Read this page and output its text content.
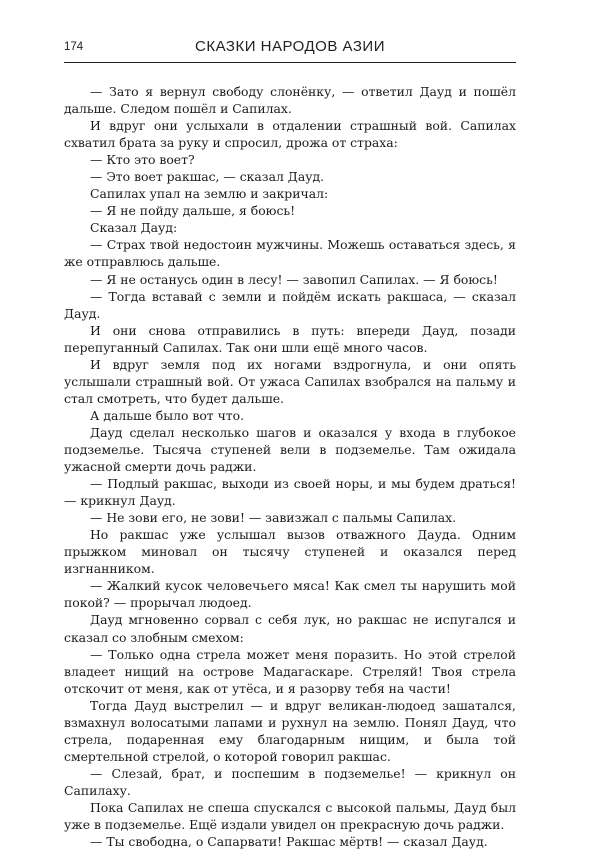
174	СКАЗКИ НАРОДОВ АЗИИ

— Зато я вернул свободу слонёнку, — ответил Дауд и пошёл дальше. Следом пошёл и Сапилах.

И вдруг они услыхали в отдалении страшный вой. Сапилах схватил брата за руку и спросил, дрожа от страха:

— Кто это воет?

— Это воет ракшас, — сказал Дауд.

Сапилах упал на землю и закричал:

— Я не пойду дальше, я боюсь!

Сказал Дауд:

— Страх твой недостоин мужчины. Можешь оставаться здесь, я же отправлюсь дальше.

— Я не останусь один в лесу! — завопил Сапилах. — Я боюсь!

— Тогда вставай с земли и пойдём искать ракшаса, — сказал Дауд.

И они снова отправились в путь: впереди Дауд, позади перепуганный Сапилах. Так они шли ещё много часов.

И вдруг земля под их ногами вздрогнула, и они опять услышали страшный вой. От ужаса Сапилах взобрался на пальму и стал смотреть, что будет дальше.

А дальше было вот что.

Дауд сделал несколько шагов и оказался у входа в глубокое подземелье. Тысяча ступеней вели в подземелье. Там ожидала ужасной смерти дочь раджи.

— Подлый ракшас, выходи из своей норы, и мы будем драться! — крикнул Дауд.

— Не зови его, не зови! — завизжал с пальмы Сапилах.

Но ракшас уже услышал вызов отважного Дауда. Одним прыжком миновал он тысячу ступеней и оказался перед изгнанником.

— Жалкий кусок человечьего мяса! Как смел ты нарушить мой покой? — прорычал людоед.

Дауд мгновенно сорвал с себя лук, но ракшас не испугался и сказал со злобным смехом:

— Только одна стрела может меня поразить. Но этой стрелой владеет нищий на острове Мадагаскаре. Стреляй! Твоя стрела отскочит от меня, как от утёса, и я разорву тебя на части!

Тогда Дауд выстрелил — и вдруг великан-людоед зашатался, взмахнул волосатыми лапами и рухнул на землю. Понял Дауд, что стрела, подаренная ему благодарным нищим, и была той смертельной стрелой, о которой говорил ракшас.

— Слезай, брат, и поспешим в подземелье! — крикнул он Сапилаху.

Пока Сапилах не спеша спускался с высокой пальмы, Дауд был уже в подземелье. Ещё издали увидел он прекрасную дочь раджи.

— Ты свободна, о Сапарвати! Ракшас мёртв! — сказал Дауд.
